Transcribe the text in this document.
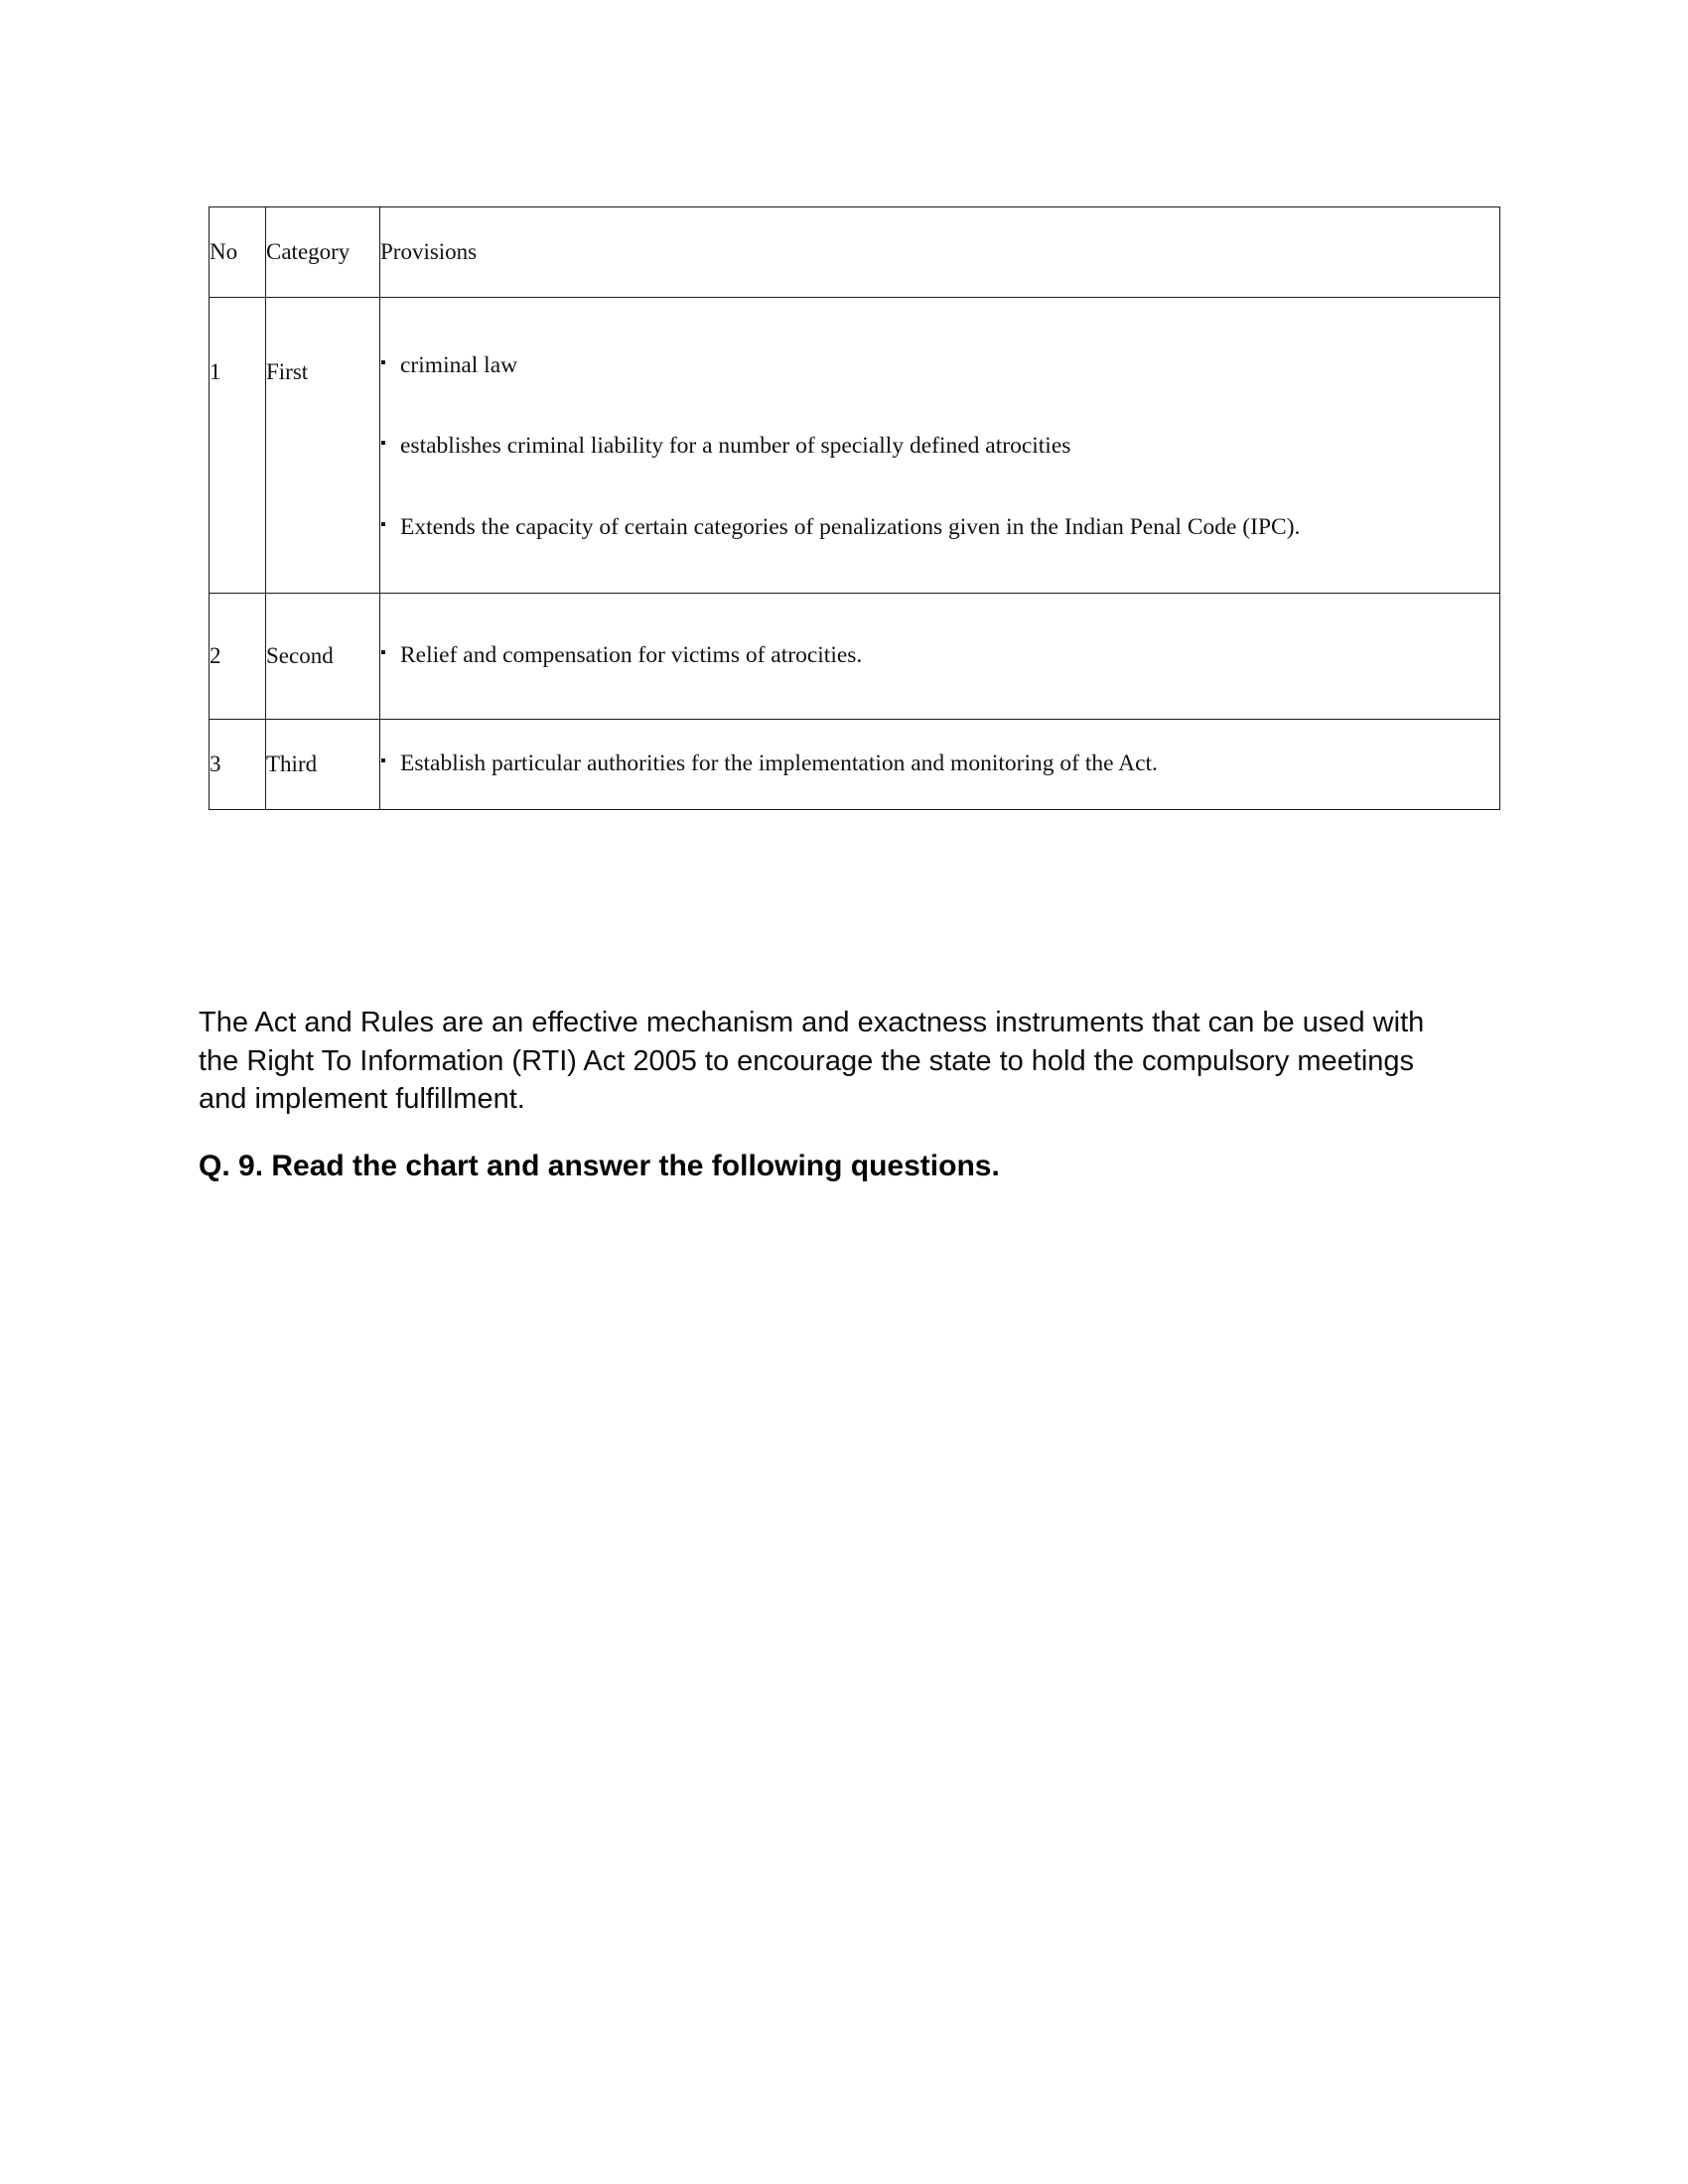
No	Category	Provisions
1	First	
▪criminal law
▪ establishes criminal liability for a number of specially defined atrocities
▪ Extends the capacity of certain categories of penalizations given in the Indian Penal Code (IPC).

2	Second	
▪Relief and compensation for victims of atrocities.

3	Third	
▪Establish particular authorities for the implementation and monitoring of the Act.

The Act and Rules are an effective mechanism and exactness instruments that can be used with the Right To Information (RTI) Act 2005 to encourage the state to hold the compulsory meetings and implement fulfillment.

Q. 9. Read the chart and answer the following questions.
